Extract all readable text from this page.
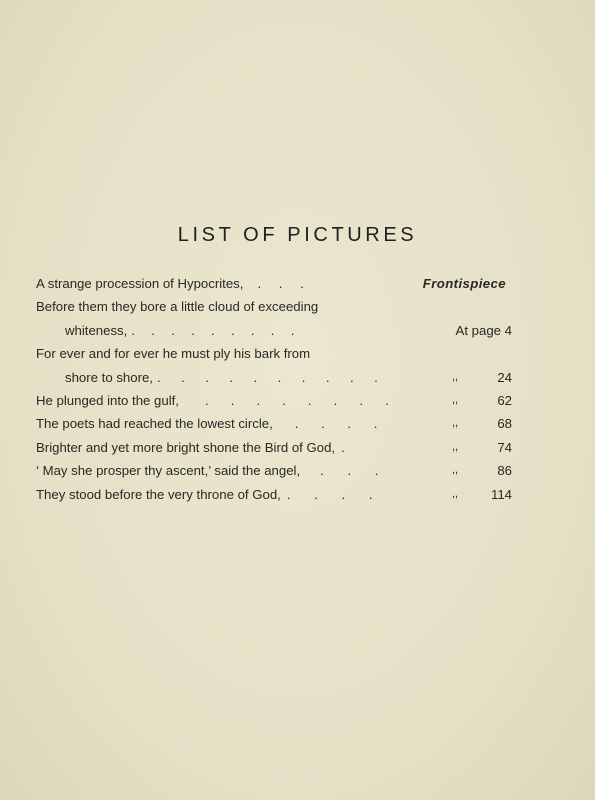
LIST OF PICTURES
A strange procession of Hypocrites, . . .	Frontispiece
Before them they bore a little cloud of exceeding
whiteness, . . . . . . . . .	At page 4
For ever and for ever he must ply his bark from
shore to shore, . . . . . . . . . .	,,	24
He plunged into the gulf, . . . . . . . .	,,	62
The poets had reached the lowest circle, . . . .	,,	68
Brighter and yet more bright shone the Bird of God, .	,,	74
‘ May she prosper thy ascent,’ said the angel, . . .	,,	86
They stood before the very throne of God, . . . .	,, 114
